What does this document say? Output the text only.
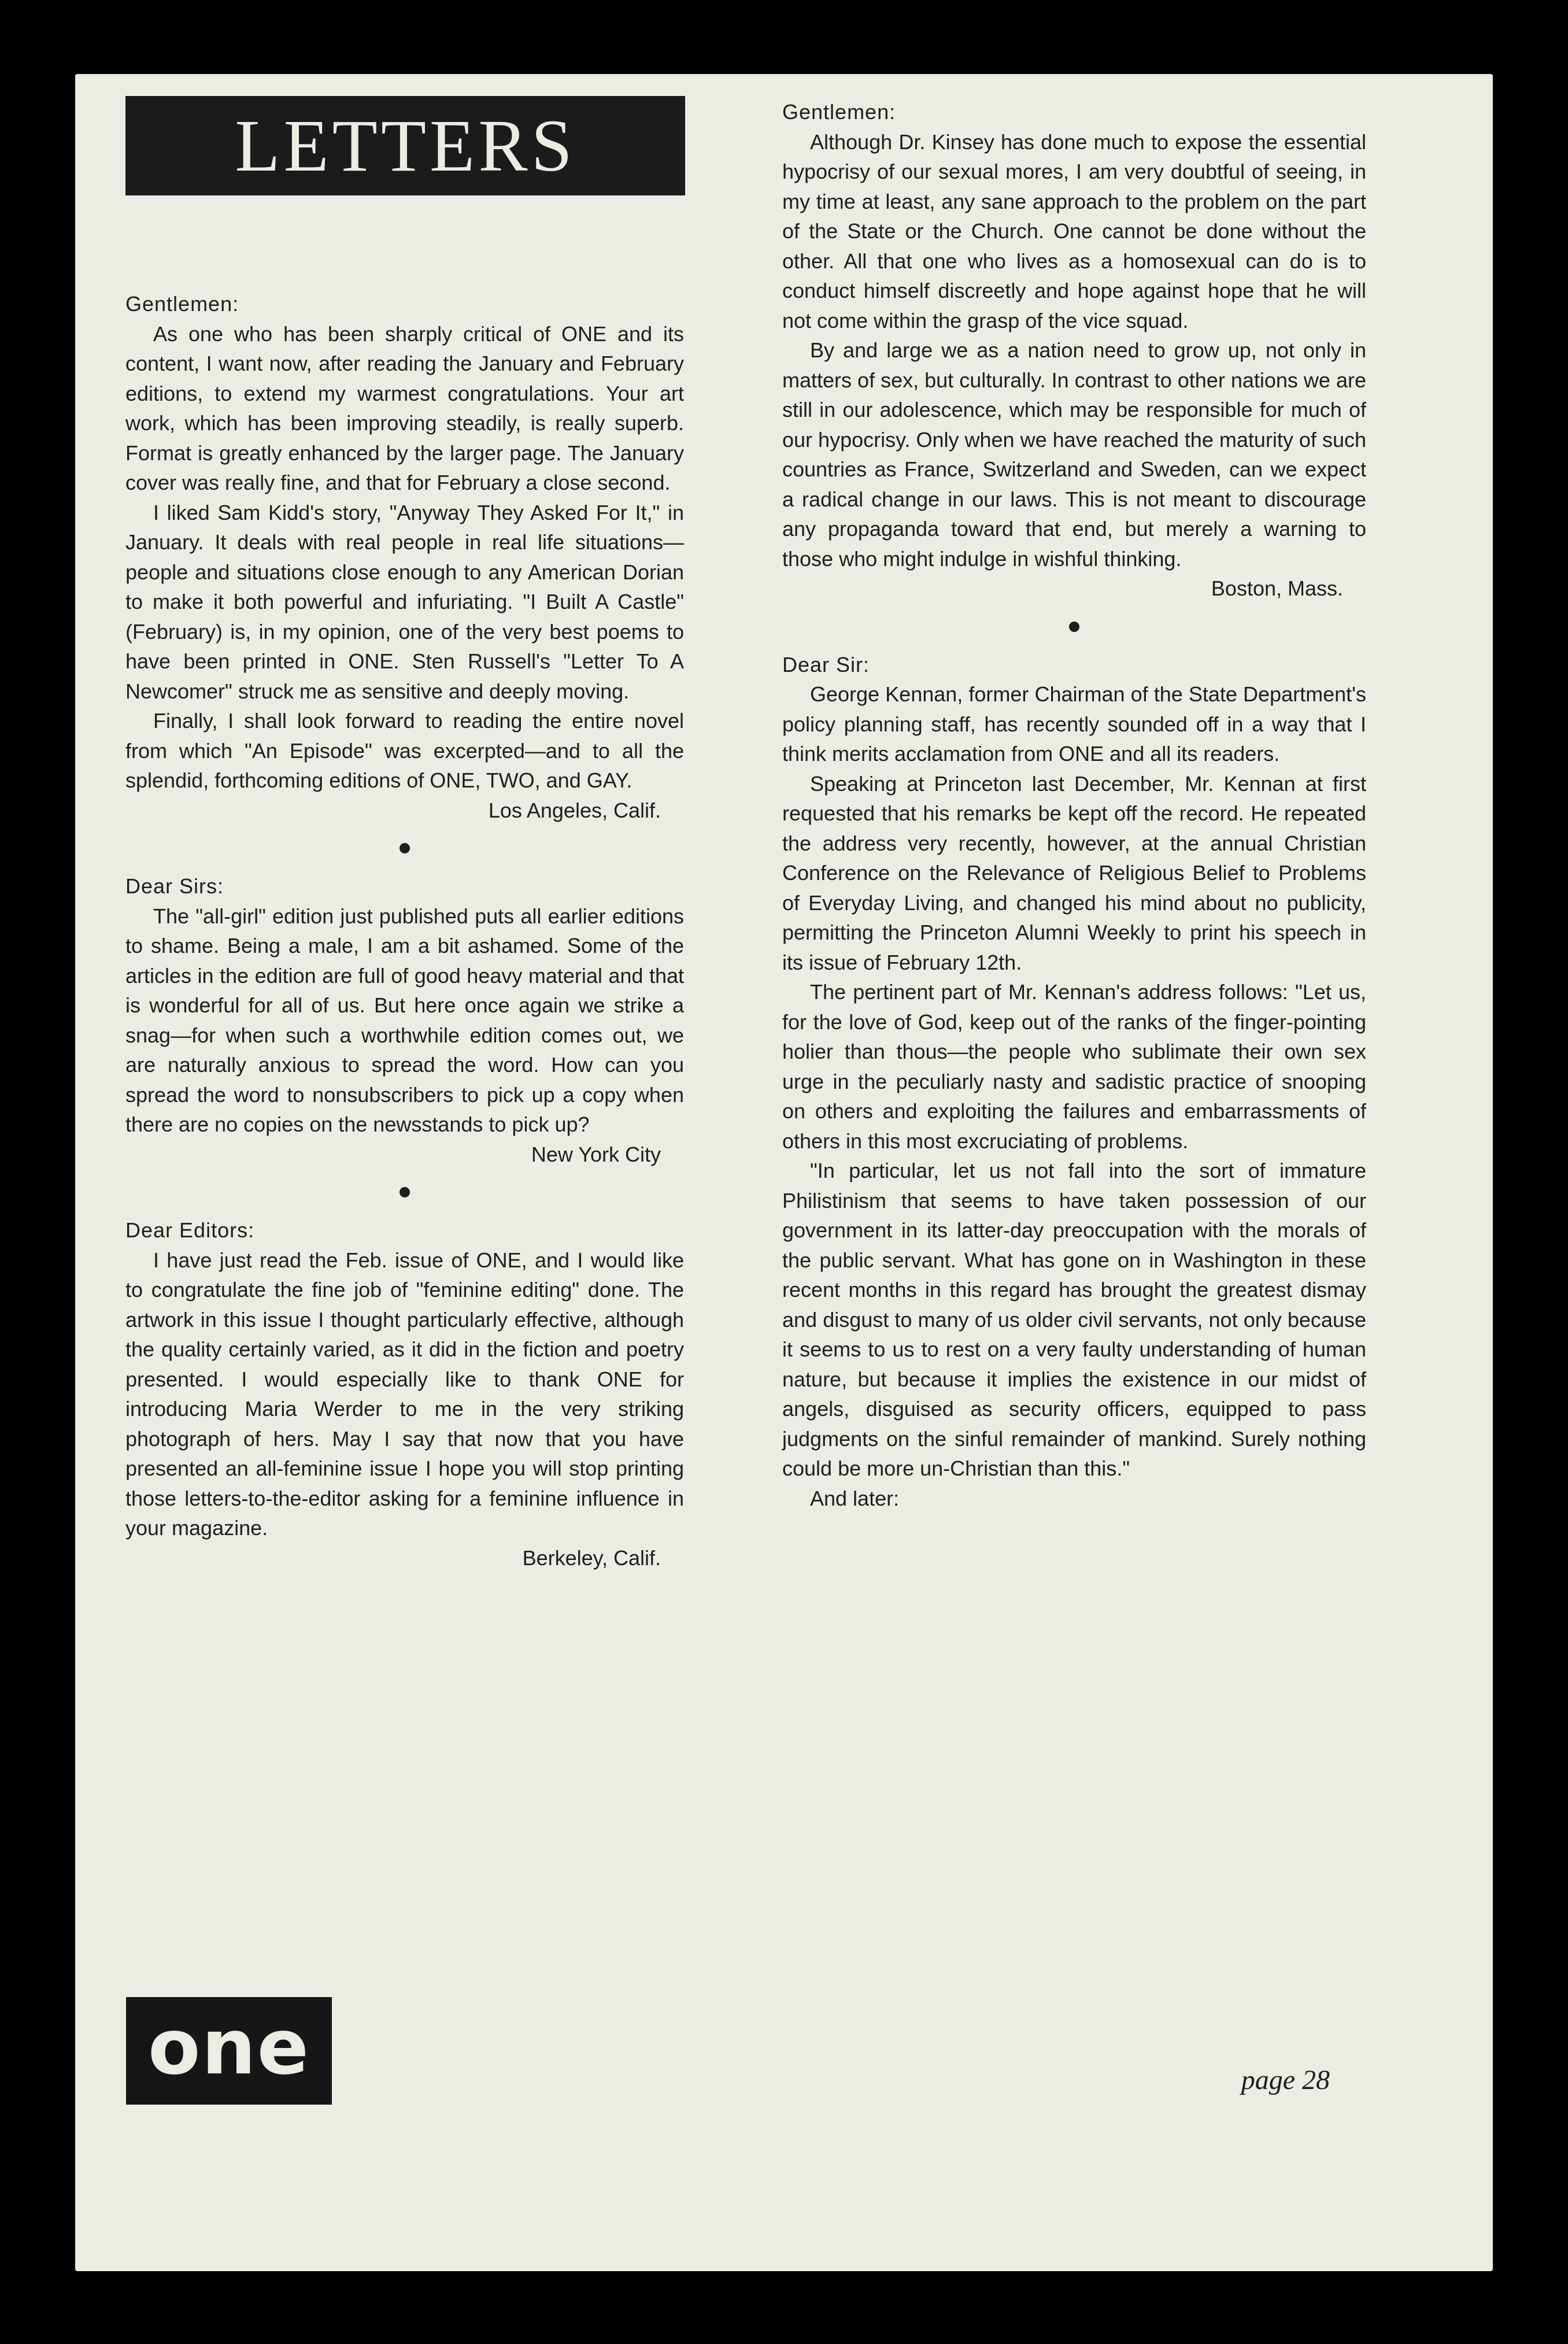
LETTERS

Gentlemen:

As one who has been sharply critical of ONE and its content, I want now, after reading the January and February editions, to extend my warmest congratulations. Your art work, which has been improving steadily, is really superb. Format is greatly enhanced by the larger page. The January cover was really fine, and that for February a close second.

I liked Sam Kidd's story, "Anyway They Asked For It," in January. It deals with real people in real life situations—people and situations close enough to any American Dorian to make it both powerful and infuriating. "I Built A Castle" (February) is, in my opinion, one of the very best poems to have been printed in ONE. Sten Russell's "Letter To A Newcomer" struck me as sensitive and deeply moving.

Finally, I shall look forward to reading the entire novel from which "An Episode" was excerpted—and to all the splendid, forthcoming editions of ONE, TWO, and GAY.

Los Angeles, Calif.

Dear Sirs:

The "all-girl" edition just published puts all earlier editions to shame. Being a male, I am a bit ashamed. Some of the articles in the edition are full of good heavy material and that is wonderful for all of us. But here once again we strike a snag—for when such a worthwhile edition comes out, we are naturally anxious to spread the word. How can you spread the word to nonsubscribers to pick up a copy when there are no copies on the newsstands to pick up?

New York City

Dear Editors:

I have just read the Feb. issue of ONE, and I would like to congratulate the fine job of "feminine editing" done. The artwork in this issue I thought particularly effective, although the quality certainly varied, as it did in the fiction and poetry presented. I would especially like to thank ONE for introducing Maria Werder to me in the very striking photograph of hers. May I say that now that you have presented an all-feminine issue I hope you will stop printing those letters-to-the-editor asking for a feminine influence in your magazine.

Berkeley, Calif.

Gentlemen:

Although Dr. Kinsey has done much to expose the essential hypocrisy of our sexual mores, I am very doubtful of seeing, in my time at least, any sane approach to the problem on the part of the State or the Church. One cannot be done without the other. All that one who lives as a homosexual can do is to conduct himself discreetly and hope against hope that he will not come within the grasp of the vice squad.

By and large we as a nation need to grow up, not only in matters of sex, but culturally. In contrast to other nations we are still in our adolescence, which may be responsible for much of our hypocrisy. Only when we have reached the maturity of such countries as France, Switzerland and Sweden, can we expect a radical change in our laws. This is not meant to discourage any propaganda toward that end, but merely a warning to those who might indulge in wishful thinking.

Boston, Mass.

Dear Sir:

George Kennan, former Chairman of the State Department's policy planning staff, has recently sounded off in a way that I think merits acclamation from ONE and all its readers.

Speaking at Princeton last December, Mr. Kennan at first requested that his remarks be kept off the record. He repeated the address very recently, however, at the annual Christian Conference on the Relevance of Religious Belief to Problems of Everyday Living, and changed his mind about no publicity, permitting the Princeton Alumni Weekly to print his speech in its issue of February 12th.

The pertinent part of Mr. Kennan's address follows: "Let us, for the love of God, keep out of the ranks of the finger-pointing holier than thous—the people who sublimate their own sex urge in the peculiarly nasty and sadistic practice of snooping on others and exploiting the failures and embarrassments of others in this most excruciating of problems.

"In particular, let us not fall into the sort of immature Philistinism that seems to have taken possession of our government in its latter-day preoccupation with the morals of the public servant. What has gone on in Washington in these recent months in this regard has brought the greatest dismay and disgust to many of us older civil servants, not only because it seems to us to rest on a very faulty understanding of human nature, but because it implies the existence in our midst of angels, disguised as security officers, equipped to pass judgments on the sinful remainder of mankind. Surely nothing could be more un-Christian than this."

And later:

one	page 28
